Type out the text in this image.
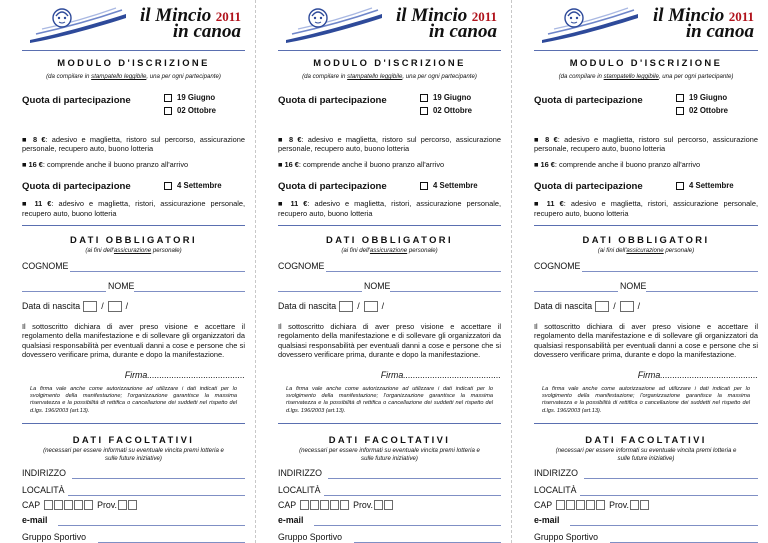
il Mincio 2011
in canoa
MODULO D'ISCRIZIONE
(da compilare in stampatello leggibile, una per ogni partecipante)
Quota di partecipazione	19 Giugno
02 Ottobre
■ 8 €: adesivo e maglietta, ristoro sul percorso, assicurazione personale, recupero auto, buono lotteria
■ 16 €: comprende anche il buono pranzo all'arrivo
Quota di partecipazione	4 Settembre
■ 11 €: adesivo e maglietta, ristori, assicurazione personale, recupero auto, buono lotteria
DATI OBBLIGATORI
(ai fini dell'assicurazione personale)
COGNOME
NOME
Data di nascita /	/
Il sottoscritto dichiara di aver preso visione e accettare il regolamento della manifestazione e di sollevare gli organizzatori da qualsiasi responsabilità per eventuali danni a cose e persone che si dovessero verificare prima, durante e dopo la manifestazione.
Firma........................................
La firma vale anche come autorizzazione ad utilizzare i dati indicati per lo svolgimento della manifestazione; l'organizzazione garantisce la massima riservatezza e la possibilità di rettifica o cancellazione dei suddetti nel rispetto del d.lgs. 196/2003 (art.13).
DATI FACOLTATIVI
(necessari per essere informati su eventuale vincita premi lotteria e sulle future iniziative)
INDIRIZZO
LOCALITÀ
CAP	Prov.
e-mail
Gruppo Sportivo
il Mincio 2011
in canoa
MODULO D'ISCRIZIONE
(da compilare in stampatello leggibile, una per ogni partecipante)
Quota di partecipazione	19 Giugno
02 Ottobre
■ 8 €: adesivo e maglietta, ristoro sul percorso, assicurazione personale, recupero auto, buono lotteria
■ 16 €: comprende anche il buono pranzo all'arrivo
Quota di partecipazione	4 Settembre
■ 11 €: adesivo e maglietta, ristori, assicurazione personale, recupero auto, buono lotteria
DATI OBBLIGATORI
(ai fini dell'assicurazione personale)
COGNOME
NOME
Data di nascita /	/
Il sottoscritto dichiara di aver preso visione e accettare il regolamento della manifestazione e di sollevare gli organizzatori da qualsiasi responsabilità per eventuali danni a cose e persone che si dovessero verificare prima, durante e dopo la manifestazione.
Firma........................................
La firma vale anche come autorizzazione ad utilizzare i dati indicati per lo svolgimento della manifestazione; l'organizzazione garantisce la massima riservatezza e la possibilità di rettifica o cancellazione dei suddetti nel rispetto del d.lgs. 196/2003 (art.13).
DATI FACOLTATIVI
(necessari per essere informati su eventuale vincita premi lotteria e sulle future iniziative)
INDIRIZZO
LOCALITÀ
CAP	Prov.
e-mail
Gruppo Sportivo
il Mincio 2011
in canoa
MODULO D'ISCRIZIONE
(da compilare in stampatello leggibile, una per ogni partecipante)
Quota di partecipazione	19 Giugno
02 Ottobre
■ 8 €: adesivo e maglietta, ristoro sul percorso, assicurazione personale, recupero auto, buono lotteria
■ 16 €: comprende anche il buono pranzo all'arrivo
Quota di partecipazione	4 Settembre
■ 11 €: adesivo e maglietta, ristori, assicurazione personale, recupero auto, buono lotteria
DATI OBBLIGATORI
(ai fini dell'assicurazione personale)
COGNOME
NOME
Data di nascita /	/
Il sottoscritto dichiara di aver preso visione e accettare il regolamento della manifestazione e di sollevare gli organizzatori da qualsiasi responsabilità per eventuali danni a cose e persone che si dovessero verificare prima, durante e dopo la manifestazione.
Firma........................................
La firma vale anche come autorizzazione ad utilizzare i dati indicati per lo svolgimento della manifestazione; l'organizzazione garantisce la massima riservatezza e la possibilità di rettifica o cancellazione dei suddetti nel rispetto del d.lgs. 196/2003 (art.13).
DATI FACOLTATIVI
(necessari per essere informati su eventuale vincita premi lotteria e sulle future iniziative)
INDIRIZZO
LOCALITÀ
CAP	Prov.
e-mail
Gruppo Sportivo
